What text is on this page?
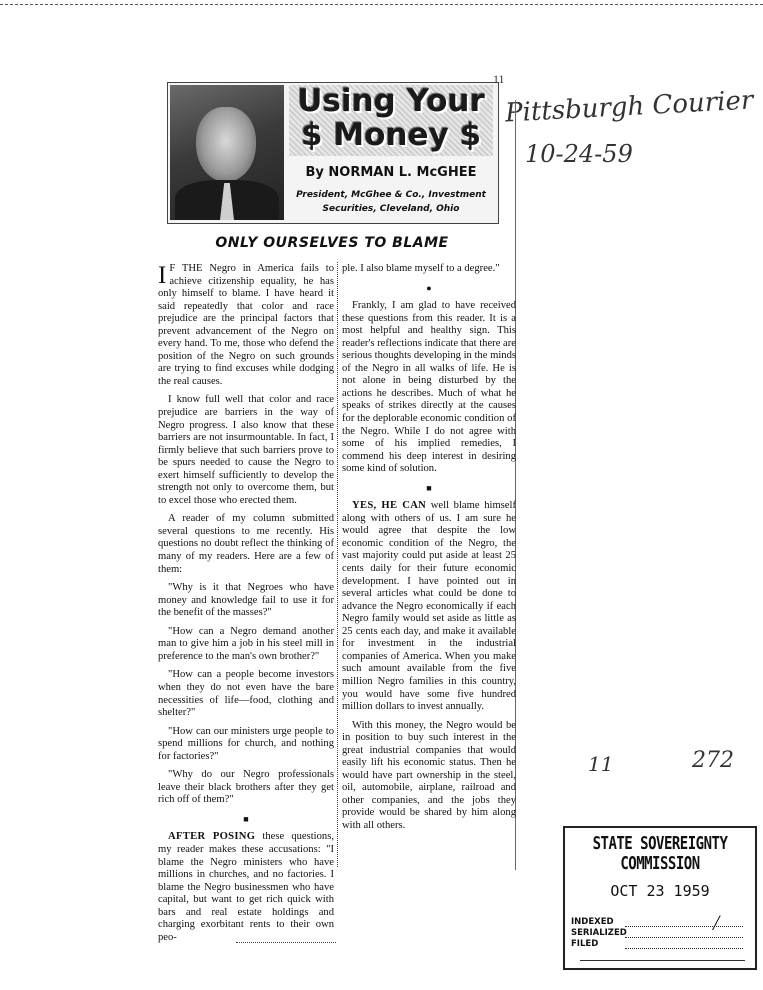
Using Your
$ Money $
By NORMAN L. McGHEE
President, McGhee & Co., Investment
Securities, Cleveland, Ohio
11
Pittsburgh Courier
10-24-59
11	272
ONLY OURSELVES TO BLAME

I F THE Negro in America fails to achieve citizenship equality, he has only himself to blame. I have heard it said repeatedly that color and race prejudice are the principal factors that prevent advancement of the Negro on every hand. To me, those who defend the position of the Negro on such grounds are trying to find excuses while dodging the real causes.

I know full well that color and race prejudice are barriers in the way of Negro progress. I also know that these barriers are not insurmountable. In fact, I firmly believe that such barriers prove to be spurs needed to cause the Negro to exert himself sufficiently to develop the strength not only to overcome them, but to excel those who erected them.

A reader of my column submitted several questions to me recently. His questions no doubt reflect the thinking of many of my readers. Here are a few of them:

"Why is it that Negroes who have money and knowledge fail to use it for the benefit of the masses?"

"How can a Negro demand another man to give him a job in his steel mill in preference to the man's own brother?"

"How can a people become investors when they do not even have the bare necessities of life—food, clothing and shelter?"

"How can our ministers urge people to spend millions for church, and nothing for factories?"

"Why do our Negro professionals leave their black brothers after they get rich off of them?"

■

AFTER POSING these questions, my reader makes these accusations: "I blame the Negro ministers who have millions in churches, and no factories. I blame the Negro businessmen who have capital, but want to get rich quick with bars and real estate holdings and charging exorbitant rents to their own peo-

ple. I also blame myself to a degree."

●

Frankly, I am glad to have received these questions from this reader. It is a most helpful and healthy sign. This reader's reflections indicate that there are serious thoughts developing in the minds of the Negro in all walks of life. He is not alone in being disturbed by the actions he describes. Much of what he speaks of strikes directly at the causes for the deplorable economic condition of the Negro. While I do not agree with some of his implied remedies, I commend his deep interest in desiring some kind of solution.

■

YES, HE CAN well blame himself along with others of us. I am sure he would agree that despite the low economic condition of the Negro, the vast majority could put aside at least 25 cents daily for their future economic development. I have pointed out in several articles what could be done to advance the Negro economically if each Negro family would set aside as little as 25 cents each day, and make it available for investment in the industrial companies of America. When you make such amount available from the five million Negro families in this country, you would have some five hundred million dollars to invest annually.

With this money, the Negro would be in position to buy such interest in the great industrial companies that would easily lift his economic status. Then he would have part ownership in the steel, oil, automobile, airplane, railroad and other companies, and the jobs they provide would be shared by him along with all others.

STATE SOVEREIGNTY COMMISSION
OCT 23 1959
INDEXED
SERIALIZED
FILED
/
